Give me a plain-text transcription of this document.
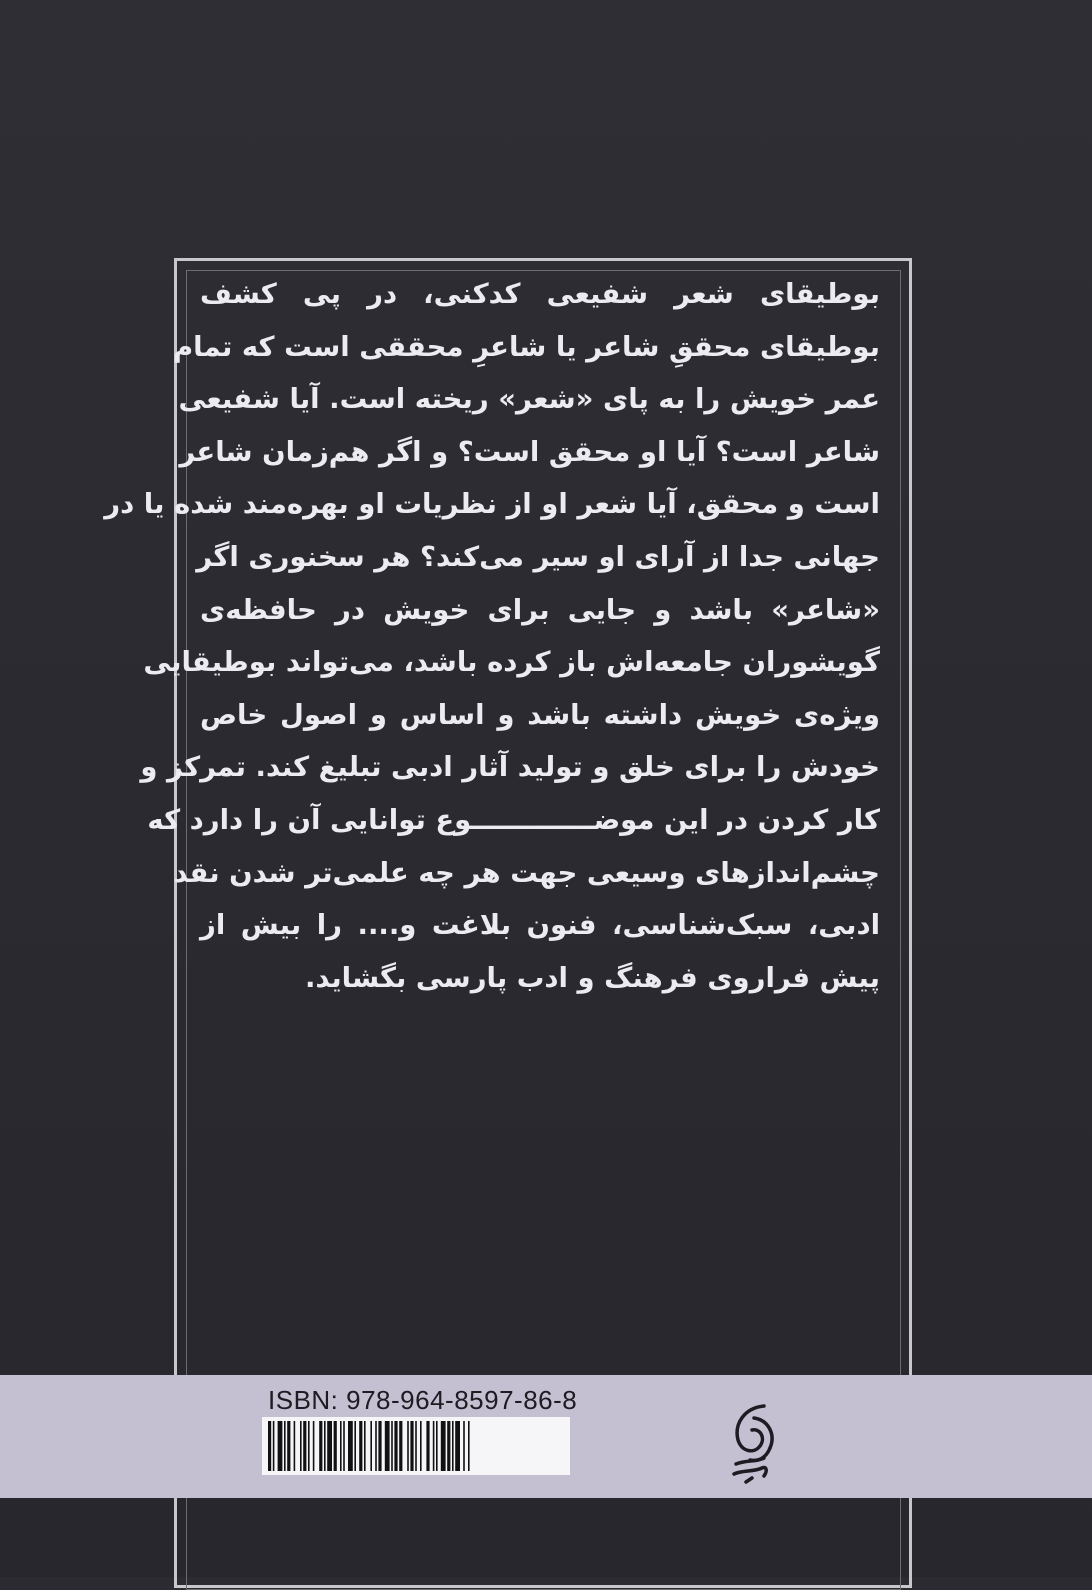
بوطیقای شعر شفیعی کدکنی، در پی کشف
بوطیقای محققِ شاعر یا شاعرِ محققی است که تمام
عمر خویش را به پای «شعر» ریخته است. آیا شفیعی
شاعر است؟ آیا او محقق است؟ و اگر هم‌زمان شاعر
است و محقق، آیا شعر او از نظریات او بهره‌مند شده یا در
جهانی جدا از آرای او سیر می‌کند؟ هر سخنوری اگر
«شاعر» باشد و جایی برای خویش در حافظه‌ی
گویشوران جامعه‌اش باز کرده باشد، می‌تواند بوطیقایی
ویژه‌ی خویش داشته باشد و اساس و اصول خاص
خودش را برای خلق و تولید آثار ادبی تبلیغ کند. تمرکز و
کار کردن در این موضـــــــــــــوع توانایی آن را دارد که
چشم‌اندازهای وسیعی جهت هر چه علمی‌تر شدن نقد
ادبی، سبک‌شناسی، فنون بلاغت و.... را بیش از
پیش فراروی فرهنگ و ادب پارسی بگشاید.
ISBN: 978-964-8597-86-8
